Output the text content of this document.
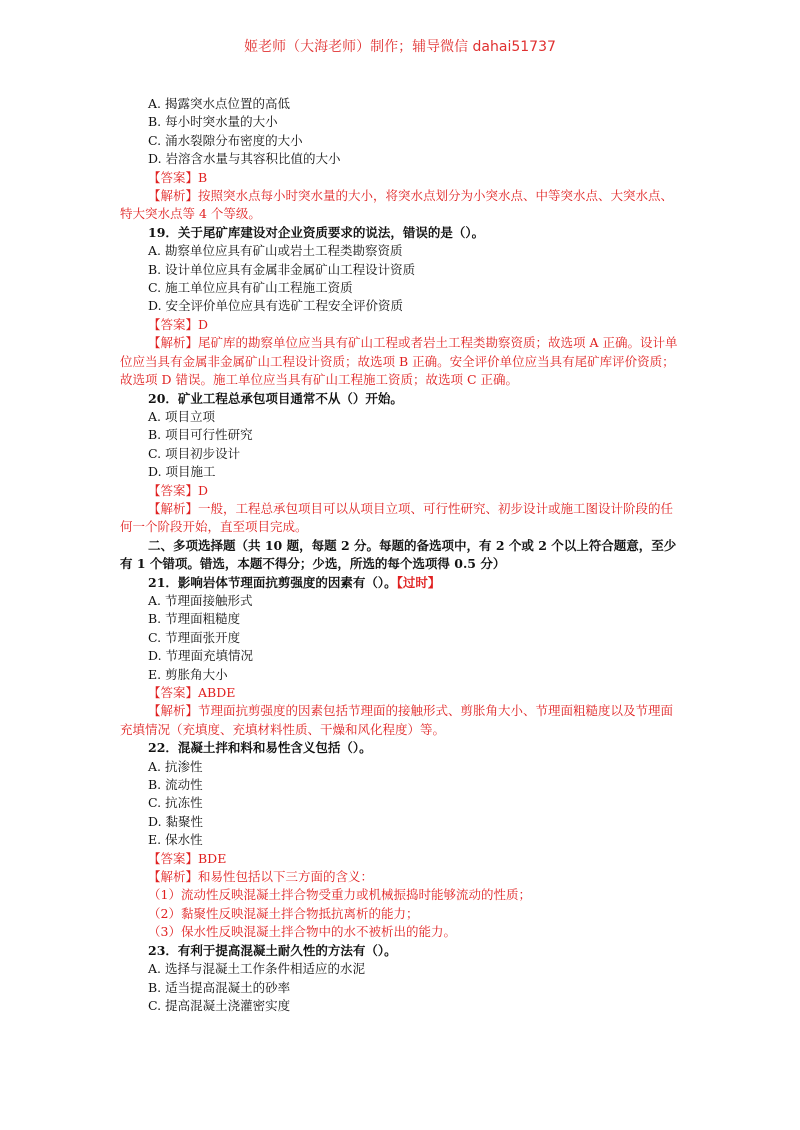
姬老师（大海老师）制作；辅导微信 dahai51737
A. 揭露突水点位置的高低
B. 每小时突水量的大小
C. 涌水裂隙分布密度的大小
D. 岩溶含水量与其容积比值的大小
【答案】B
【解析】按照突水点每小时突水量的大小，将突水点划分为小突水点、中等突水点、大突水点、特大突水点等 4 个等级。
19．关于尾矿库建设对企业资质要求的说法，错误的是（）。
A. 勘察单位应具有矿山或岩土工程类勘察资质
B. 设计单位应具有金属非金属矿山工程设计资质
C. 施工单位应具有矿山工程施工资质
D. 安全评价单位应具有选矿工程安全评价资质
【答案】D
【解析】尾矿库的勘察单位应当具有矿山工程或者岩土工程类勘察资质；故选项 A 正确。设计单位应当具有金属非金属矿山工程设计资质；故选项 B 正确。安全评价单位应当具有尾矿库评价资质；故选项 D 错误。施工单位应当具有矿山工程施工资质；故选项 C 正确。
20．矿业工程总承包项目通常不从（）开始。
A. 项目立项
B. 项目可行性研究
C. 项目初步设计
D. 项目施工
【答案】D
【解析】一般，工程总承包项目可以从项目立项、可行性研究、初步设计或施工图设计阶段的任何一个阶段开始，直至项目完成。
二、多项选择题（共 10 题，每题 2 分。每题的备选项中，有 2 个或 2 个以上符合题意，至少有 1 个错项。错选，本题不得分；少选，所选的每个选项得 0.5 分）
21．影响岩体节理面抗剪强度的因素有（）。【过时】
A. 节理面接触形式
B. 节理面粗糙度
C. 节理面张开度
D. 节理面充填情况
E. 剪胀角大小
【答案】ABDE
【解析】节理面抗剪强度的因素包括节理面的接触形式、剪胀角大小、节理面粗糙度以及节理面充填情况（充填度、充填材料性质、干燥和风化程度）等。
22．混凝土拌和料和易性含义包括（）。
A. 抗渗性
B. 流动性
C. 抗冻性
D. 黏聚性
E. 保水性
【答案】BDE
【解析】和易性包括以下三方面的含义：
（1）流动性反映混凝土拌合物受重力或机械振捣时能够流动的性质；
（2）黏聚性反映混凝土拌合物抵抗离析的能力；
（3）保水性反映混凝土拌合物中的水不被析出的能力。
23．有利于提高混凝土耐久性的方法有（）。
A. 选择与混凝土工作条件相适应的水泥
B. 适当提高混凝土的砂率
C. 提高混凝土浇灌密实度
